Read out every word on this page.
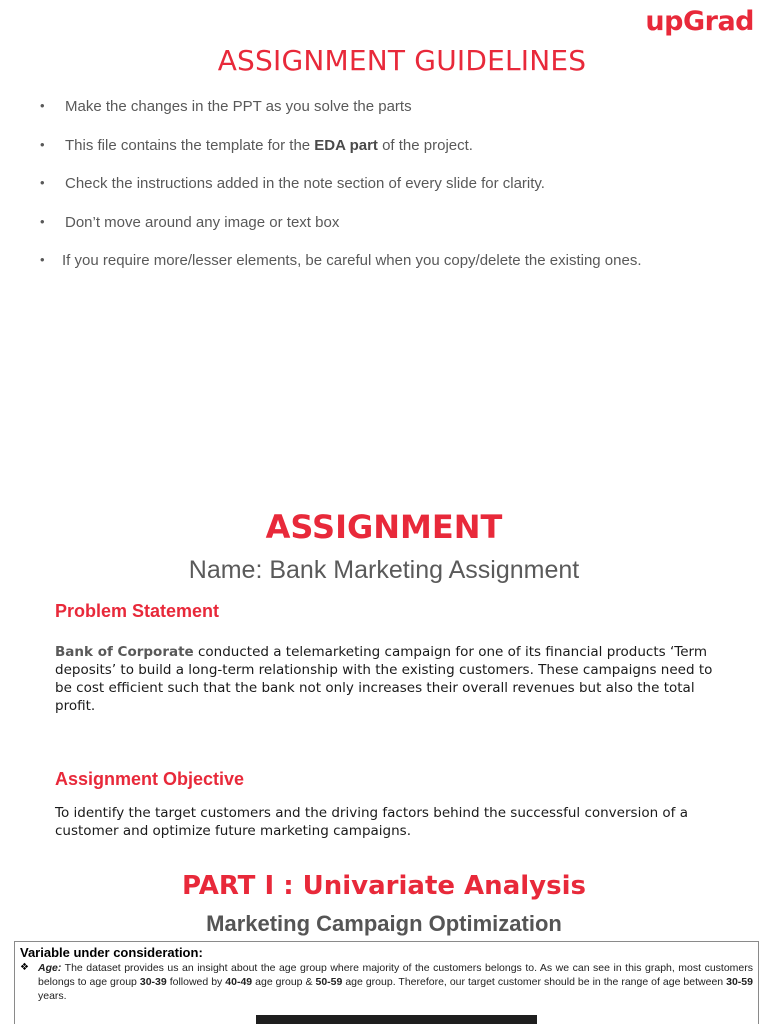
upGrad
ASSIGNMENT GUIDELINES
•	Make the changes in the PPT as you solve the parts
•	This file contains the template for the EDA part of the project.
•	Check the instructions added in the note section of every slide for clarity.
•	Don’t move around any image or text box
•	If you require more/lesser elements, be careful when you copy/delete the existing ones.
ASSIGNMENT
Name: Bank Marketing Assignment
Problem Statement

Bank of Corporate conducted a telemarketing campaign for one of its financial products ‘Term deposits’ to build a long-term relationship with the existing customers. These campaigns need to be cost efficient such that the bank not only increases their overall revenues but also the total profit.

Assignment Objective

To identify the target customers and the driving factors behind the successful conversion of a customer and optimize future marketing campaigns.

PART I : Univariate Analysis
Marketing Campaign Optimization
Variable under consideration:
❖ Age: The dataset provides us an insight about the age group where majority of the customers belongs to. As we can see in this graph, most customers belongs to age group 30-39 followed by 40-49 age group & 50-59 age group. Therefore, our target customer should be in the range of age between 30-59 years.
